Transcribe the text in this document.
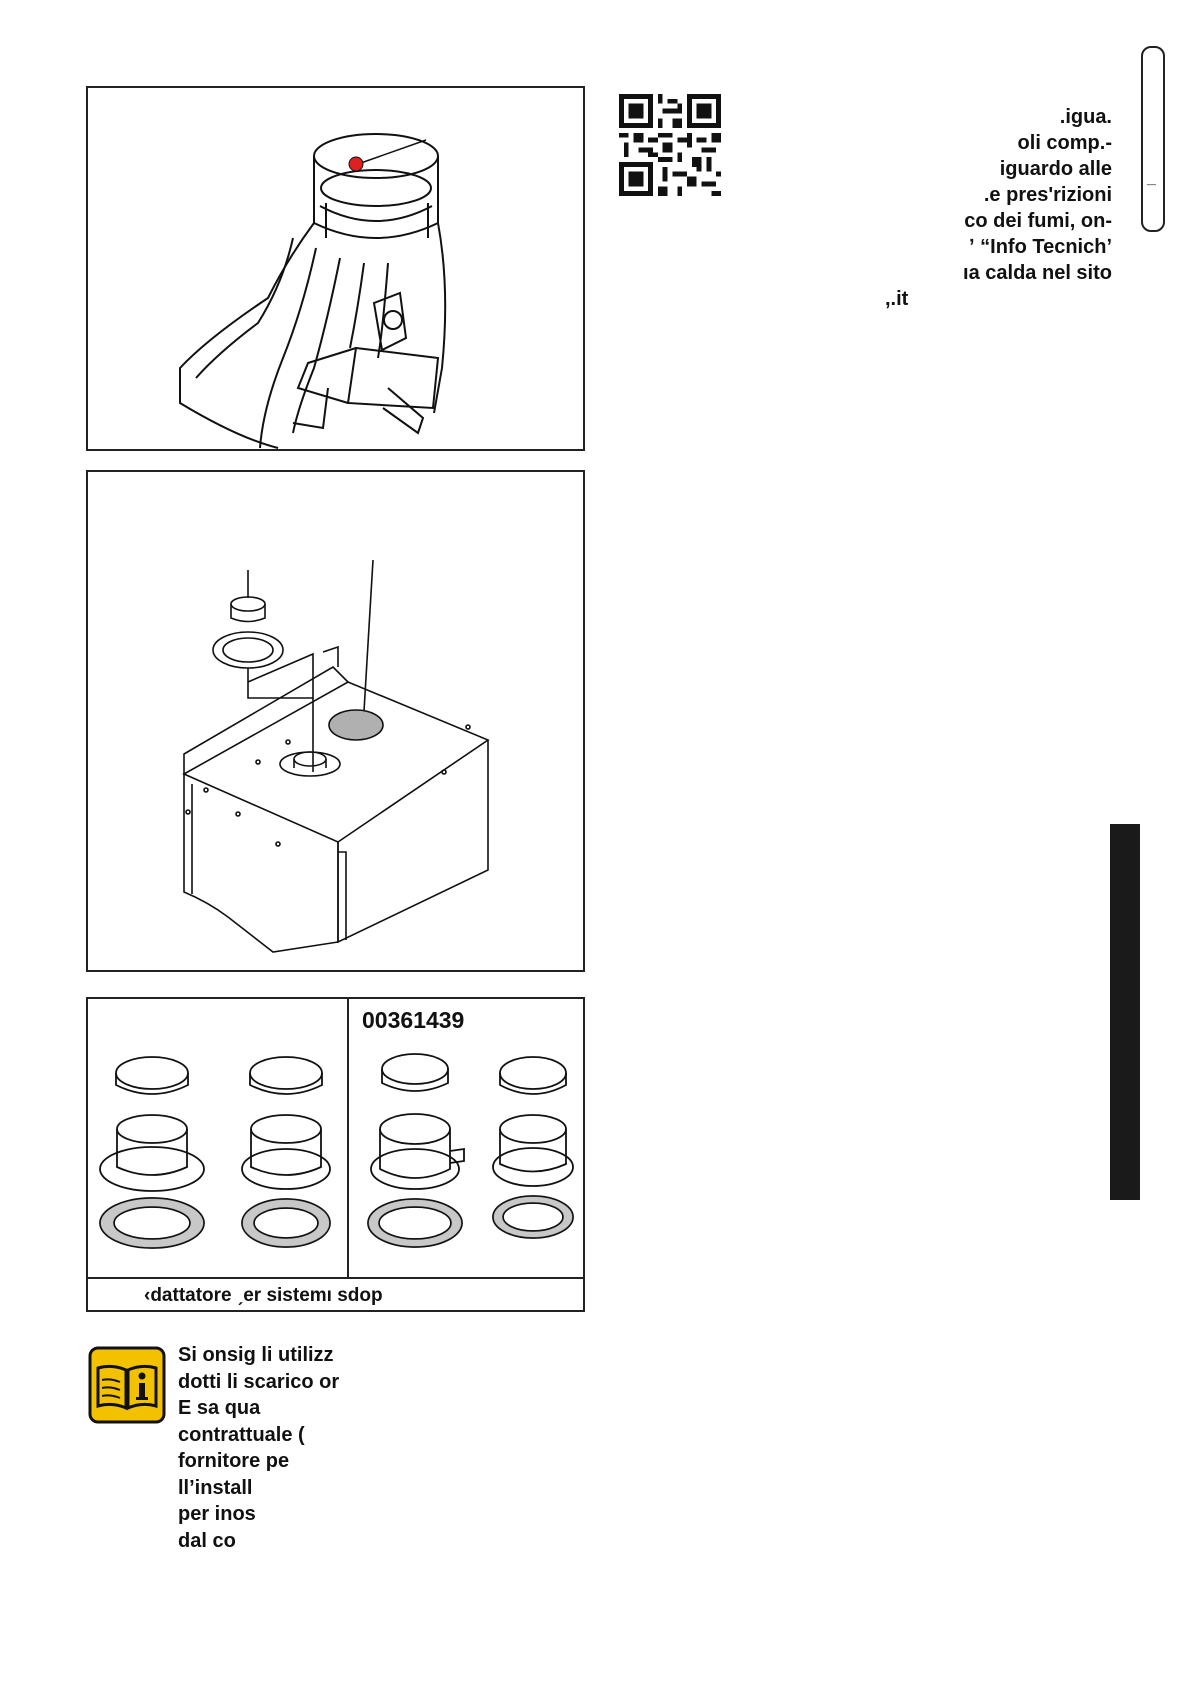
00361439
‹dattatore ˏer sistemı sdop
.igua.
oli comp.-
iguardo alle
.e pres'rizioni
co dei fumi, on-
ʼ “Info Tecnichʼ
ıa calda nel sito
,.it
_
Si onsig li utilizz
dotti li scarico or
E sa qua
contrattuale (
fornitore pe
ll’install
per inos
dal co
